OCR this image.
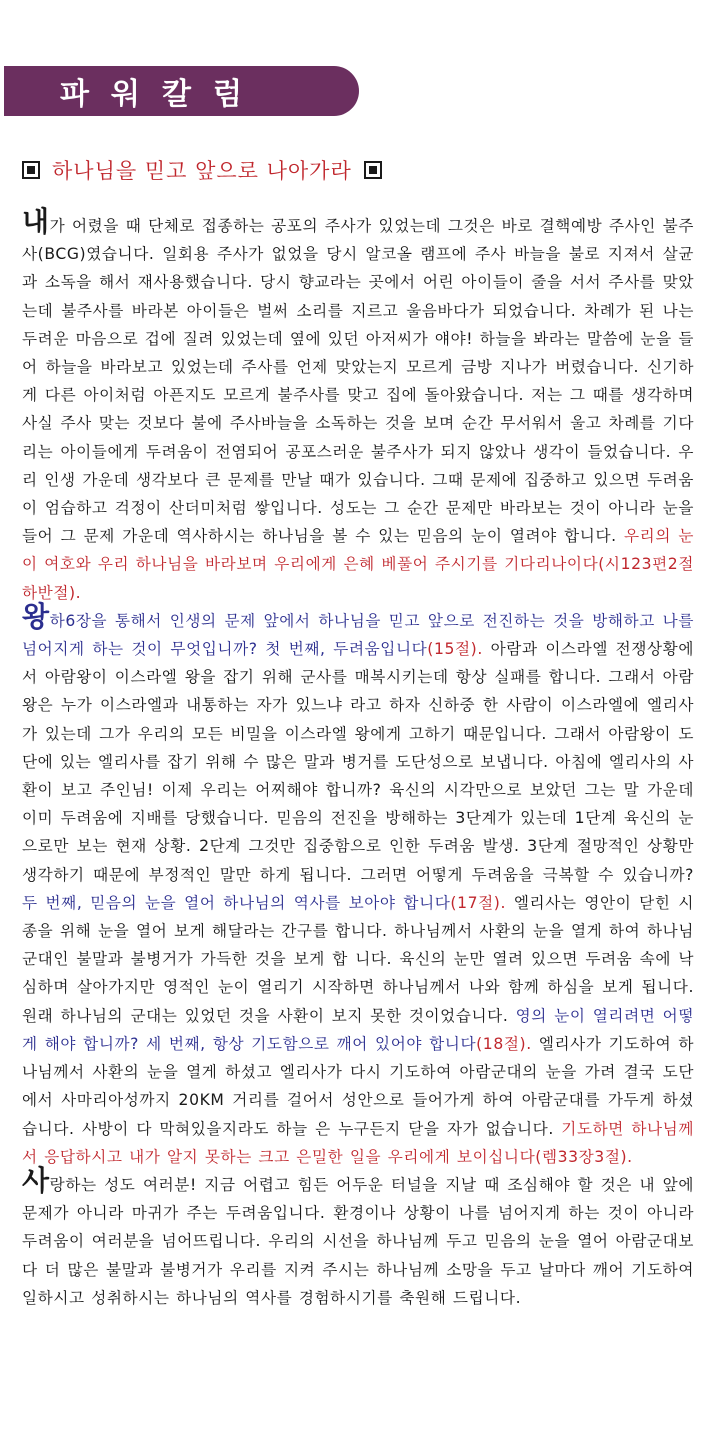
파워칼럼
하나님을 믿고 앞으로 나아가라

내가 어렸을 때 단체로 접종하는 공포의 주사가 있었는데 그것은 바로 결핵예방 주사인 불주사(BCG)였습니다. 일회용 주사가 없었을 당시 알코올 램프에 주사 바늘을 불로 지져서 살균과 소독을 해서 재사용했습니다. 당시 향교라는 곳에서 어린 아이들이 줄을 서서 주사를 맞았는데 불주사를 바라본 아이들은 벌써 소리를 지르고 울음바다가 되었습니다. 차례가 된 나는 두려운 마음으로 겁에 질려 있었는데 옆에 있던 아저씨가 얘야! 하늘을 봐라는 말씀에 눈을 들어 하늘을 바라보고 있었는데 주사를 언제 맞았는지 모르게 금방 지나가 버렸습니다. 신기하게 다른 아이처럼 아픈지도 모르게 불주사를 맞고 집에 돌아왔습니다. 저는 그 때를 생각하며 사실 주사 맞는 것보다 불에 주사바늘을 소독하는 것을 보며 순간 무서워서 울고 차례를 기다리는 아이들에게 두려움이 전염되어 공포스러운 불주사가 되지 않았나 생각이 들었습니다. 우리 인생 가운데 생각보다 큰 문제를 만날 때가 있습니다. 그때 문제에 집중하고 있으면 두려움이 엄습하고 걱정이 산더미처럼 쌓입니다. 성도는 그 순간 문제만 바라보는 것이 아니라 눈을 들어 그 문제 가운데 역사하시는 하나님을 볼 수 있는 믿음의 눈이 열려야 합니다. 우리의 눈이 여호와 우리 하나님을 바라보며 우리에게 은혜 베풀어 주시기를 기다리나이다(시123편2절 하반절).

왕하6장을 통해서 인생의 문제 앞에서 하나님을 믿고 앞으로 전진하는 것을 방해하고 나를 넘어지게 하는 것이 무엇입니까? 첫 번째, 두려움입니다(15절). 아람과 이스라엘 전쟁상황에서 아람왕이 이스라엘 왕을 잡기 위해 군사를 매복시키는데 항상 실패를 합니다. 그래서 아람왕은 누가 이스라엘과 내통하는 자가 있느냐 라고 하자 신하중 한 사람이 이스라엘에 엘리사가 있는데 그가 우리의 모든 비밀을 이스라엘 왕에게 고하기 때문입니다. 그래서 아람왕이 도단에 있는 엘리사를 잡기 위해 수 많은 말과 병거를 도단성으로 보냅니다. 아침에 엘리사의 사환이 보고 주인님! 이제 우리는 어찌해야 합니까? 육신의 시각만으로 보았던 그는 말 가운데 이미 두려움에 지배를 당했습니다. 믿음의 전진을 방해하는 3단계가 있는데 1단계 육신의 눈으로만 보는 현재 상황. 2단계 그것만 집중함으로 인한 두려움 발생. 3단계 절망적인 상황만 생각하기 때문에 부정적인 말만 하게 됩니다. 그러면 어떻게 두려움을 극복할 수 있습니까? 두 번째, 믿음의 눈을 열어 하나님의 역사를 보아야 합니다(17절). 엘리사는 영안이 닫힌 시종을 위해 눈을 열어 보게 해달라는 간구를 합니다. 하나님께서 사환의 눈을 열게 하여 하나님 군대인 불말과 불병거가 가득한 것을 보게 합 니다. 육신의 눈만 열려 있으면 두려움 속에 낙심하며 살아가지만 영적인 눈이 열리기 시작하면 하나님께서 나와 함께 하심을 보게 됩니다. 원래 하나님의 군대는 있었던 것을 사환이 보지 못한 것이었습니다. 영의 눈이 열리려면 어떻게 해야 합니까? 세 번째, 항상 기도함으로 깨어 있어야 합니다(18절). 엘리사가 기도하여 하나님께서 사환의 눈을 열게 하셨고 엘리사가 다시 기도하여 아람군대의 눈을 가려 결국 도단에서 사마리아성까지 20KM 거리를 걸어서 성안으로 들어가게 하여 아람군대를 가두게 하셨습니다. 사방이 다 막혀있을지라도 하늘 은 누구든지 닫을 자가 없습니다. 기도하면 하나님께서 응답하시고 내가 알지 못하는 크고 은밀한 일을 우리에게 보이십니다(렘33장3절).

사랑하는 성도 여러분! 지금 어렵고 힘든 어두운 터널을 지날 때 조심해야 할 것은 내 앞에 문제가 아니라 마귀가 주는 두려움입니다. 환경이나 상황이 나를 넘어지게 하는 것이 아니라 두려움이 여러분을 넘어뜨립니다. 우리의 시선을 하나님께 두고 믿음의 눈을 열어 아람군대보다 더 많은 불말과 불병거가 우리를 지켜 주시는 하나님께 소망을 두고 날마다 깨어 기도하여 일하시고 성취하시는 하나님의 역사를 경험하시기를 축원해 드립니다.
